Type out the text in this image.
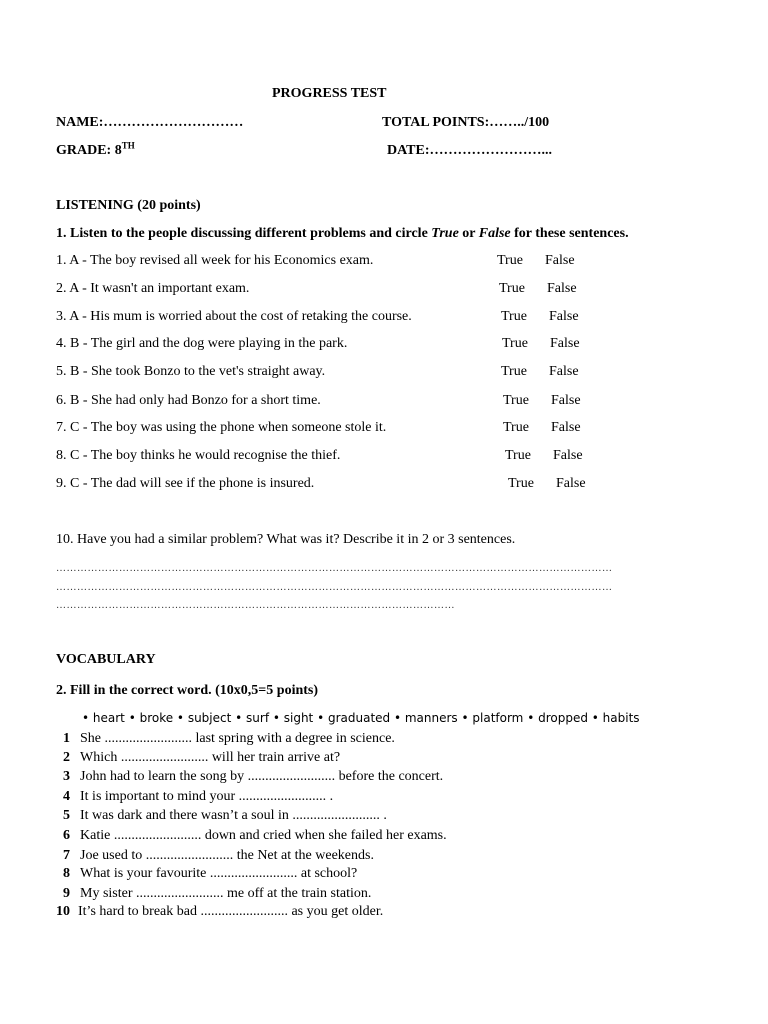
PROGRESS TEST
NAME:…………………………	TOTAL POINTS:……../100
GRADE: 8TH	DATE:……………………...
LISTENING (20 points)
1. Listen to the people discussing different problems and circle True or False for these sentences.
1. A - The boy revised all week for his Economics exam.	True False
2. A - It wasn't an important exam.	True False
3. A - His mum is worried about the cost of retaking the course.	True False
4. B - The girl and the dog were playing in the park.	True False
5. B - She took Bonzo to the vet's straight away.	True False
6. B - She had only had Bonzo for a short time.	True False
7. C - The boy was using the phone when someone stole it.	True False
8. C - The boy thinks he would recognise the thief.	True False
9. C - The dad will see if the phone is insured.	True False
10. Have you had a similar problem? What was it? Describe it in 2 or 3 sentences.
……………………………………………………………………………………………………………………………………………
……………………………………………………………………………………………………………………………………………
……………………………………………………………………………………………………
VOCABULARY
2. Fill in the correct word. (10x0,5=5 points)
• heart • broke • subject • surf • sight • graduated • manners • platform • dropped • habits
1 She ......................... last spring with a degree in science.
2 Which ......................... will her train arrive at?
3 John had to learn the song by ......................... before the concert.
4 It is important to mind your ......................... .
5 It was dark and there wasn’t a soul in ......................... .
6 Katie ......................... down and cried when she failed her exams.
7 Joe used to ......................... the Net at the weekends.
8 What is your favourite ......................... at school?
9 My sister ......................... me off at the train station.
10 It’s hard to break bad ......................... as you get older.
